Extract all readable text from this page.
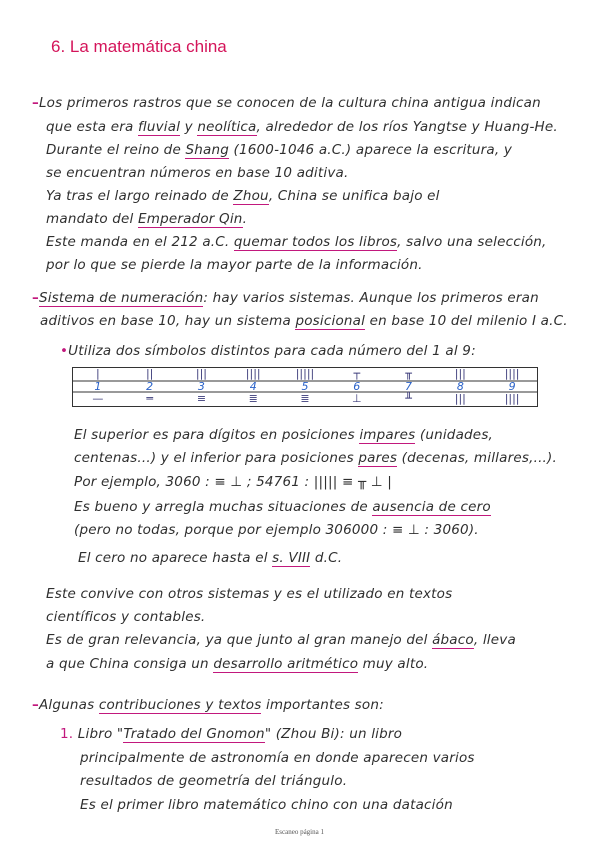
6. La matemática china
–Los primeros rastros que se conocen de la cultura china antigua indican
que esta era fluvial y neolítica, alrededor de los ríos Yangtse y Huang-He.
Durante el reino de Shang (1600-1046 a.C.) aparece la escritura, y
se encuentran números en base 10 aditiva.
Ya tras el largo reinado de Zhou, China se unifica bajo el
mandato del Emperador Qin.
Este manda en el 212 a.C. quemar todos los libros, salvo una selección,
por lo que se pierde la mayor parte de la información.
–Sistema de numeración: hay varios sistemas. Aunque los primeros eran
aditivos en base 10, hay un sistema posicional en base 10 del milenio I a.C.
•Utiliza dos símbolos distintos para cada número del 1 al 9:
|	||	|||	||||	|||||	┬	╥	|||	||||
1	2	3	4	5	6	7	8	9
—	═	≡	≣	≣	⊥	╨	|||	||||
El superior es para dígitos en posiciones impares (unidades,
centenas...) y el inferior para posiciones pares (decenas, millares,...).
Por ejemplo, 3060 : ≡ ⊥ ; 54761 : ||||| ≡ ╥ ⊥ |
Es bueno y arregla muchas situaciones de ausencia de cero
(pero no todas, porque por ejemplo 306000 : ≡ ⊥ : 3060).
El cero no aparece hasta el s. VIII d.C.
Este convive con otros sistemas y es el utilizado en textos
científicos y contables.
Es de gran relevancia, ya que junto al gran manejo del ábaco, lleva
a que China consiga un desarrollo aritmético muy alto.
–Algunas contribuciones y textos importantes son:
1. Libro "Tratado del Gnomon" (Zhou Bi): un libro
principalmente de astronomía en donde aparecen varios
resultados de geometría del triángulo.
Es el primer libro matemático chino con una datación
Escaneo página 1
